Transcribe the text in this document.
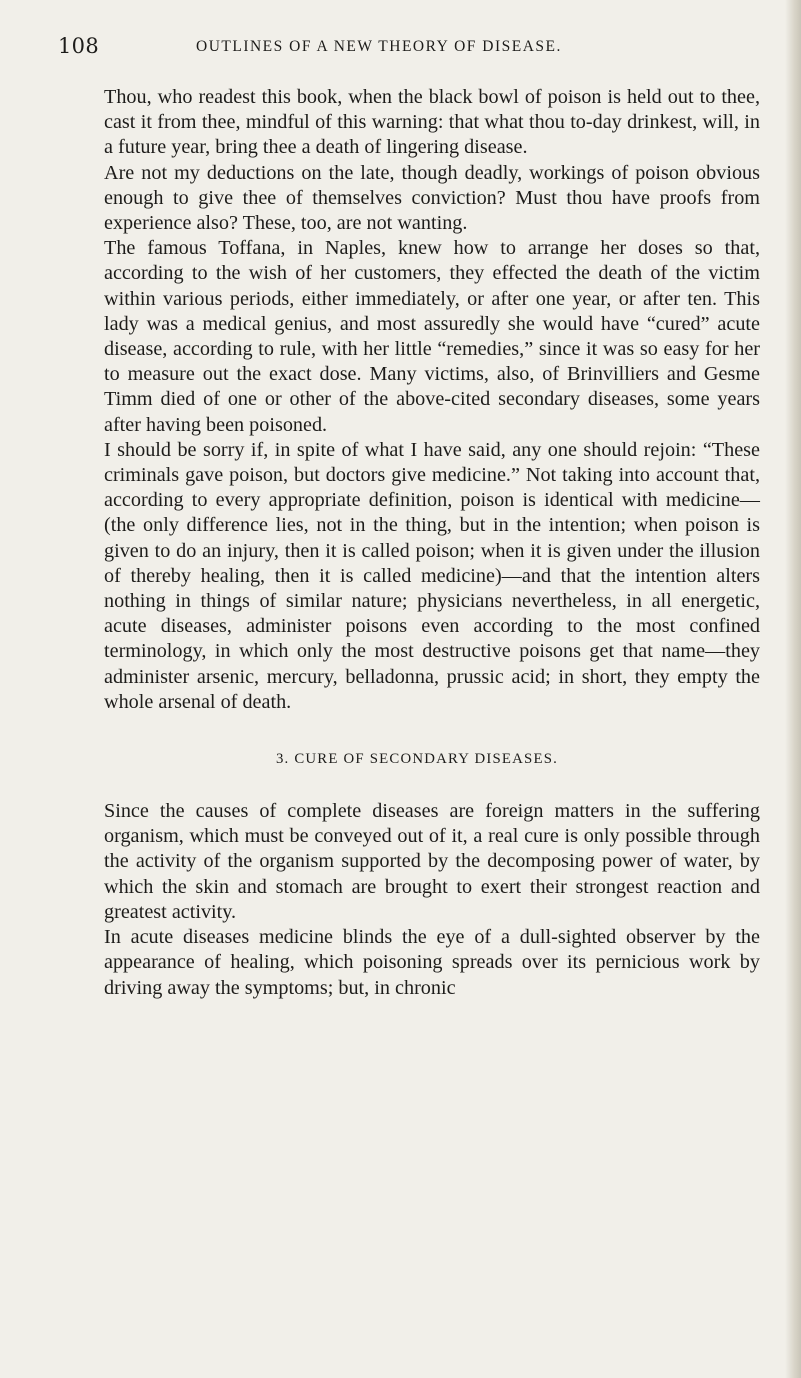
108	OUTLINES OF A NEW THEORY OF DISEASE.

Thou, who readest this book, when the black bowl of poison is held out to thee, cast it from thee, mindful of this warning: that what thou to-day drinkest, will, in a future year, bring thee a death of lingering disease.

Are not my deductions on the late, though deadly, workings of poison obvious enough to give thee of themselves conviction? Must thou have proofs from experience also? These, too, are not wanting.

The famous Toffana, in Naples, knew how to arrange her doses so that, according to the wish of her customers, they effected the death of the victim within various periods, either immediately, or after one year, or after ten. This lady was a medical genius, and most assuredly she would have “cured” acute disease, according to rule, with her little “remedies,” since it was so easy for her to measure out the exact dose. Many victims, also, of Brinvilliers and Gesme Timm died of one or other of the above-cited secondary diseases, some years after having been poisoned.

I should be sorry if, in spite of what I have said, any one should rejoin: “These criminals gave poison, but doctors give medicine.” Not taking into account that, according to every appropriate definition, poison is identical with medicine—(the only difference lies, not in the thing, but in the intention; when poison is given to do an injury, then it is called poison; when it is given under the illusion of thereby healing, then it is called medicine)—and that the intention alters nothing in things of similar nature; physicians nevertheless, in all energetic, acute diseases, administer poisons even according to the most confined terminology, in which only the most destructive poisons get that name—they administer arsenic, mercury, belladonna, prussic acid; in short, they empty the whole arsenal of death.

3. CURE OF SECONDARY DISEASES.

Since the causes of complete diseases are foreign matters in the suffering organism, which must be conveyed out of it, a real cure is only possible through the activity of the organism supported by the decomposing power of water, by which the skin and stomach are brought to exert their strongest reaction and greatest activity.

In acute diseases medicine blinds the eye of a dull-sighted observer by the appearance of healing, which poisoning spreads over its pernicious work by driving away the symptoms; but, in chronic
